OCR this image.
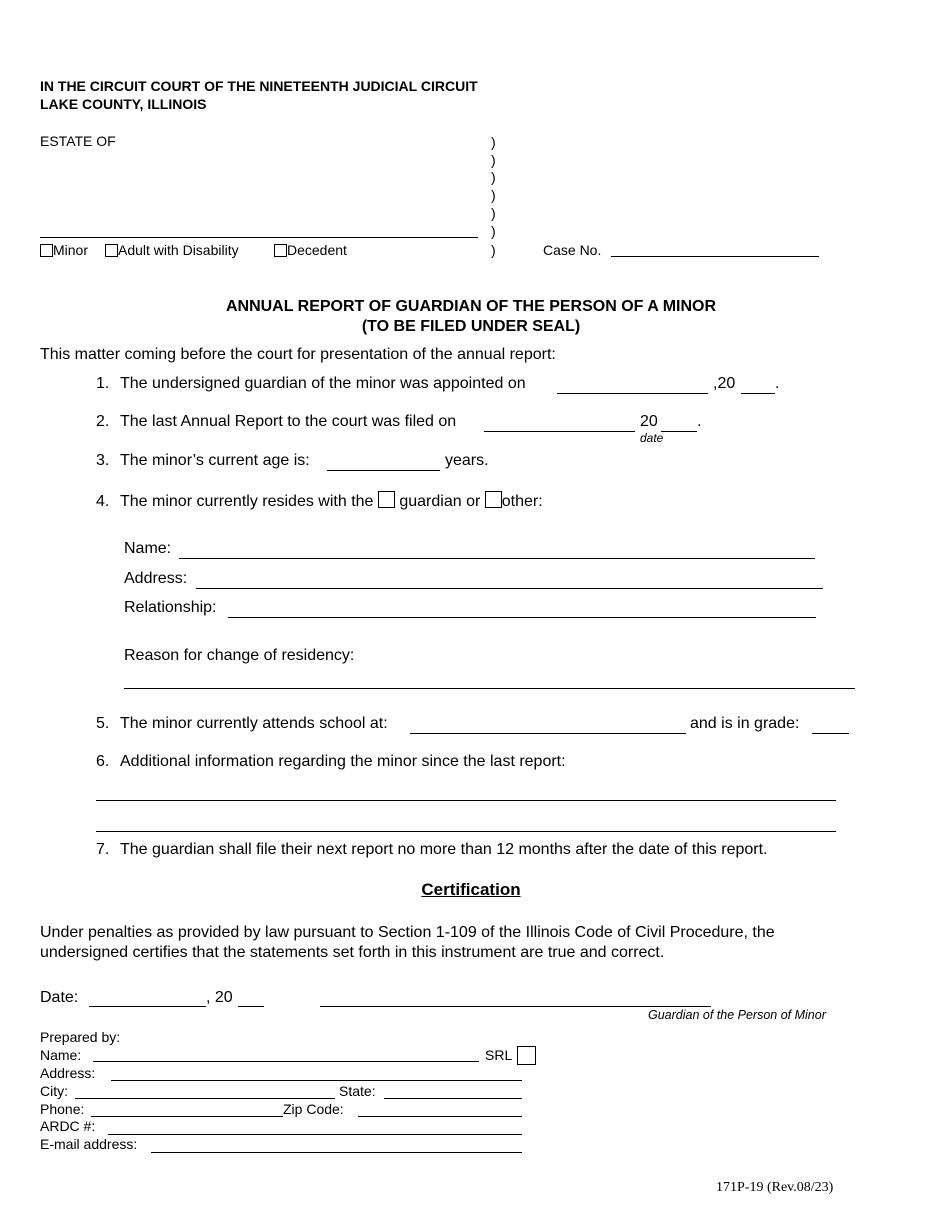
IN THE CIRCUIT COURT OF THE NINETEENTH JUDICIAL CIRCUIT
LAKE COUNTY, ILLINOIS
ESTATE OF	)
)
)
)
)
)
)
Minor	Adult with Disability	Decedent	Case No.
ANNUAL REPORT OF GUARDIAN OF THE PERSON OF A MINOR
(TO BE FILED UNDER SEAL)
This matter coming before the court for presentation of the annual report:
1. The undersigned guardian of the minor was appointed on	,20 .
2. The last Annual Report to the court was filed on	20 .
date
3. The minor’s current age is:	years.
4. The minor currently resides with the guardian or other:
Name:
Address:
Relationship:
Reason for change of residency:
5. The minor currently attends school at:	and is in grade:
6. Additional information regarding the minor since the last report:
7. The guardian shall file their next report no more than 12 months after the date of this report.
Certification
Under penalties as provided by law pursuant to Section 1-109 of the Illinois Code of Civil Procedure, the
undersigned certifies that the statements set forth in this instrument are true and correct.
Date:	, 20
Guardian of the Person of Minor
Prepared by:
Name:	SRL
Address:
City:	State:
Phone:	Zip Code:
ARDC #:
E-mail address:
171P-19 (Rev.08/23)
